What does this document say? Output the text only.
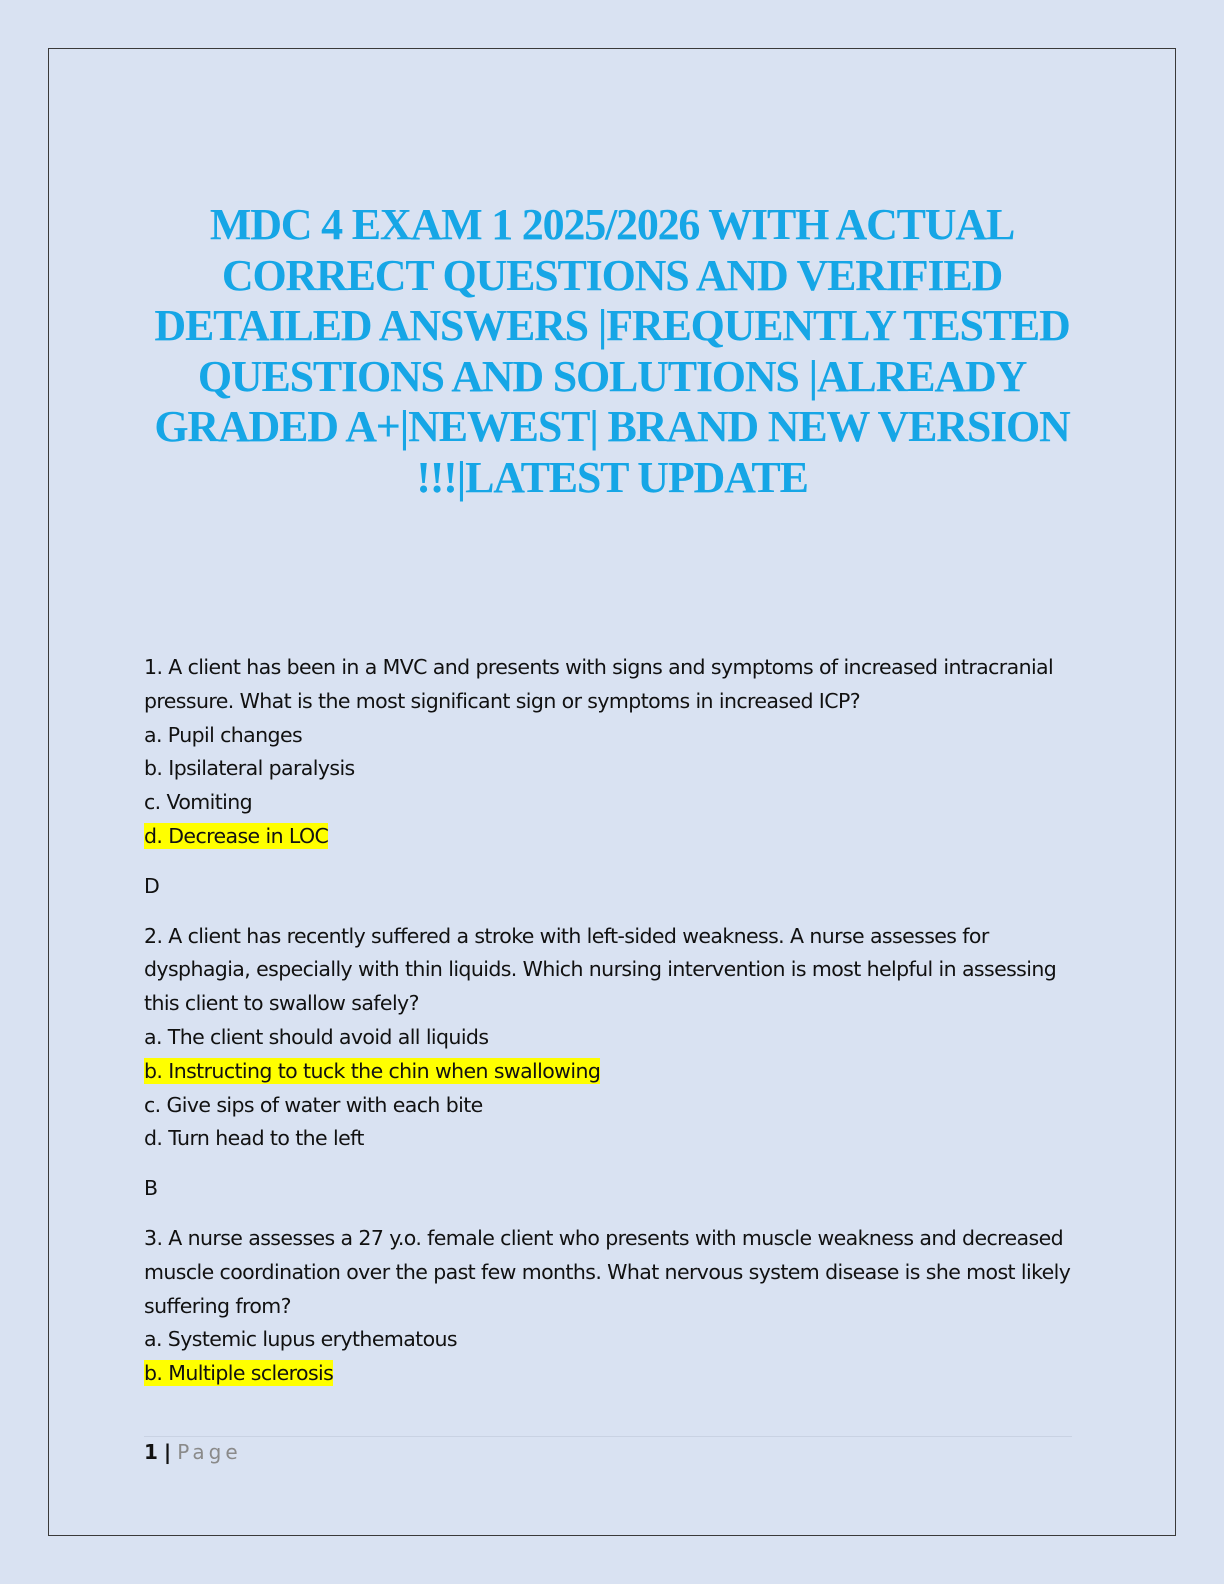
MDC 4 EXAM 1 2025/2026 WITH ACTUAL CORRECT QUESTIONS AND VERIFIED DETAILED ANSWERS |FREQUENTLY TESTED QUESTIONS AND SOLUTIONS |ALREADY GRADED A+|NEWEST| BRAND NEW VERSION !!!|LATEST UPDATE

1. A client has been in a MVC and presents with signs and symptoms of increased intracranial pressure. What is the most significant sign or symptoms in increased ICP?

a. Pupil changes

b. Ipsilateral paralysis

c. Vomiting

d. Decrease in LOC

D

2. A client has recently suffered a stroke with left-sided weakness. A nurse assesses for dysphagia, especially with thin liquids. Which nursing intervention is most helpful in assessing this client to swallow safely?

a. The client should avoid all liquids

b. Instructing to tuck the chin when swallowing

c. Give sips of water with each bite

d. Turn head to the left

B

3. A nurse assesses a 27 y.o. female client who presents with muscle weakness and decreased muscle coordination over the past few months. What nervous system disease is she most likely suffering from?

a. Systemic lupus erythematous

b. Multiple sclerosis

1 | Page
